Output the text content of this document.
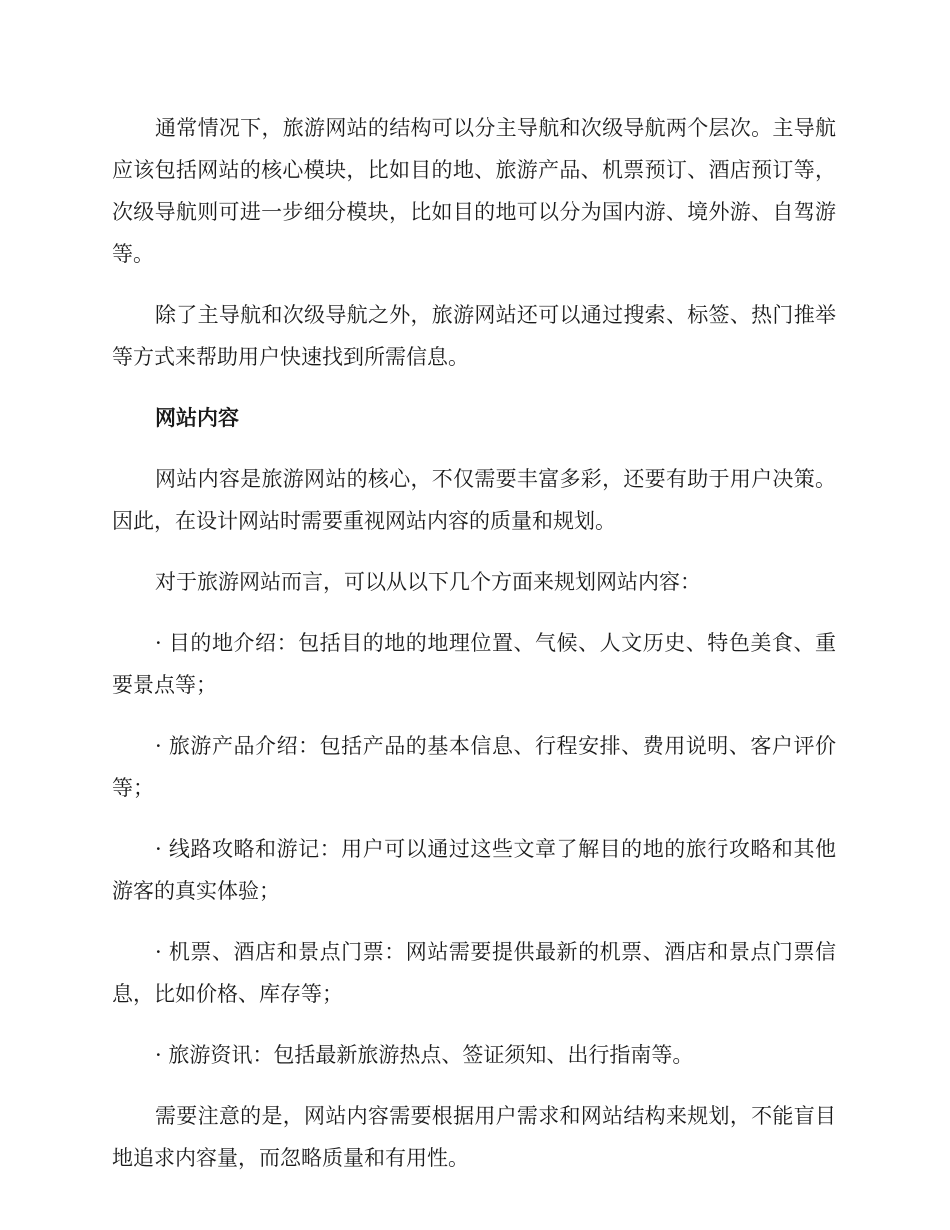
通常情况下，旅游网站的结构可以分主导航和次级导航两个层次。主导航应该包括网站的核心模块，比如目的地、旅游产品、机票预订、酒店预订等，次级导航则可进一步细分模块，比如目的地可以分为国内游、境外游、自驾游等。

除了主导航和次级导航之外，旅游网站还可以通过搜索、标签、热门推举等方式来帮助用户快速找到所需信息。

网站内容

网站内容是旅游网站的核心，不仅需要丰富多彩，还要有助于用户决策。因此，在设计网站时需要重视网站内容的质量和规划。

对于旅游网站而言，可以从以下几个方面来规划网站内容：

· 目的地介绍：包括目的地的地理位置、气候、人文历史、特色美食、重要景点等；

· 旅游产品介绍：包括产品的基本信息、行程安排、费用说明、客户评价等；

· 线路攻略和游记：用户可以通过这些文章了解目的地的旅行攻略和其他游客的真实体验；

· 机票、酒店和景点门票：网站需要提供最新的机票、酒店和景点门票信息，比如价格、库存等；

· 旅游资讯：包括最新旅游热点、签证须知、出行指南等。

需要注意的是，网站内容需要根据用户需求和网站结构来规划，不能盲目地追求内容量，而忽略质量和有用性。
